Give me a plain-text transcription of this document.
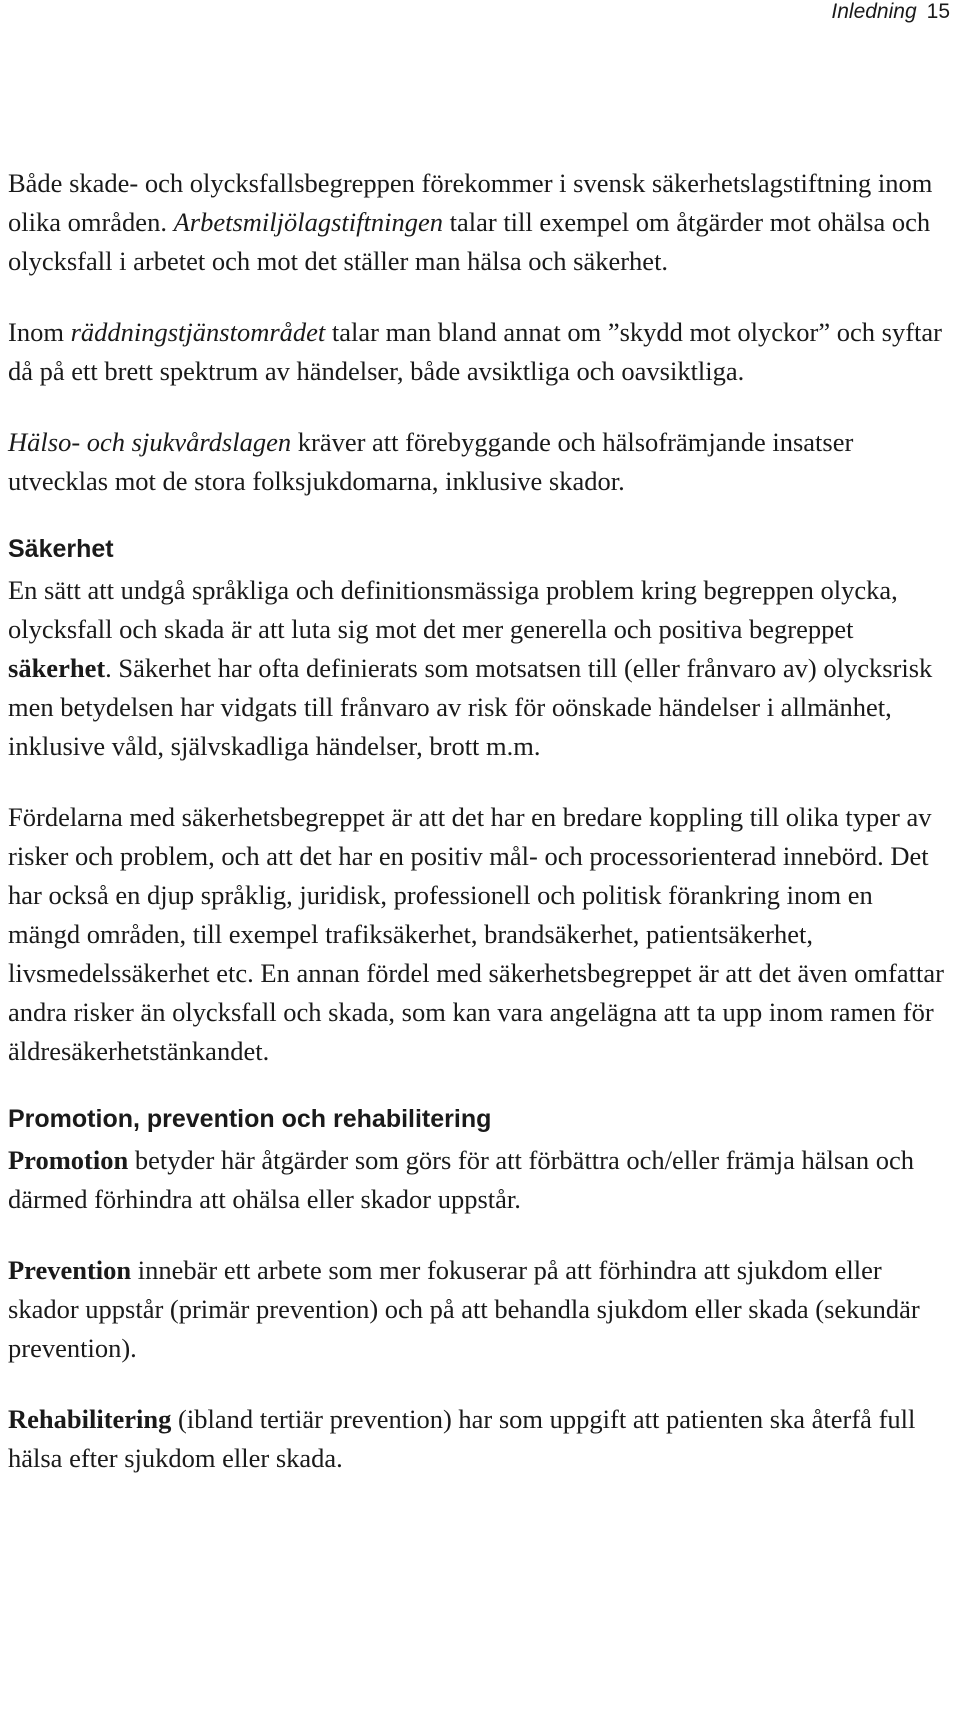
Inledning 15

Både skade- och olycksfallsbegreppen förekommer i svensk säkerhetslagstiftning inom olika områden. Arbetsmiljölagstiftningen talar till exempel om åtgärder mot ohälsa och olycksfall i arbetet och mot det ställer man hälsa och säkerhet.

Inom räddningstjänstområdet talar man bland annat om ”skydd mot olyckor” och syftar då på ett brett spektrum av händelser, både avsiktliga och oavsiktliga.

Hälso- och sjukvårdslagen kräver att förebyggande och hälsofrämjande insatser utvecklas mot de stora folksjukdomarna, inklusive skador.

Säkerhet

En sätt att undgå språkliga och definitionsmässiga problem kring begreppen olycka, olycksfall och skada är att luta sig mot det mer generella och positiva begreppet säkerhet. Säkerhet har ofta definierats som motsatsen till (eller frånvaro av) olycksrisk men betydelsen har vidgats till frånvaro av risk för oönskade händelser i allmänhet, inklusive våld, självskadliga händelser, brott m.m.

Fördelarna med säkerhetsbegreppet är att det har en bredare koppling till olika typer av risker och problem, och att det har en positiv mål- och processorienterad innebörd. Det har också en djup språklig, juridisk, professionell och politisk förankring inom en mängd områden, till exempel trafiksäkerhet, brandsäkerhet, patientsäkerhet, livsmedelssäkerhet etc. En annan fördel med säkerhetsbegreppet är att det även omfattar andra risker än olycksfall och skada, som kan vara angelägna att ta upp inom ramen för äldresäkerhetstänkandet.

Promotion, prevention och rehabilitering

Promotion betyder här åtgärder som görs för att förbättra och/eller främja hälsan och därmed förhindra att ohälsa eller skador uppstår.

Prevention innebär ett arbete som mer fokuserar på att förhindra att sjukdom eller skador uppstår (primär prevention) och på att behandla sjukdom eller skada (sekundär prevention).

Rehabilitering (ibland tertiär prevention) har som uppgift att patienten ska återfå full hälsa efter sjukdom eller skada.
